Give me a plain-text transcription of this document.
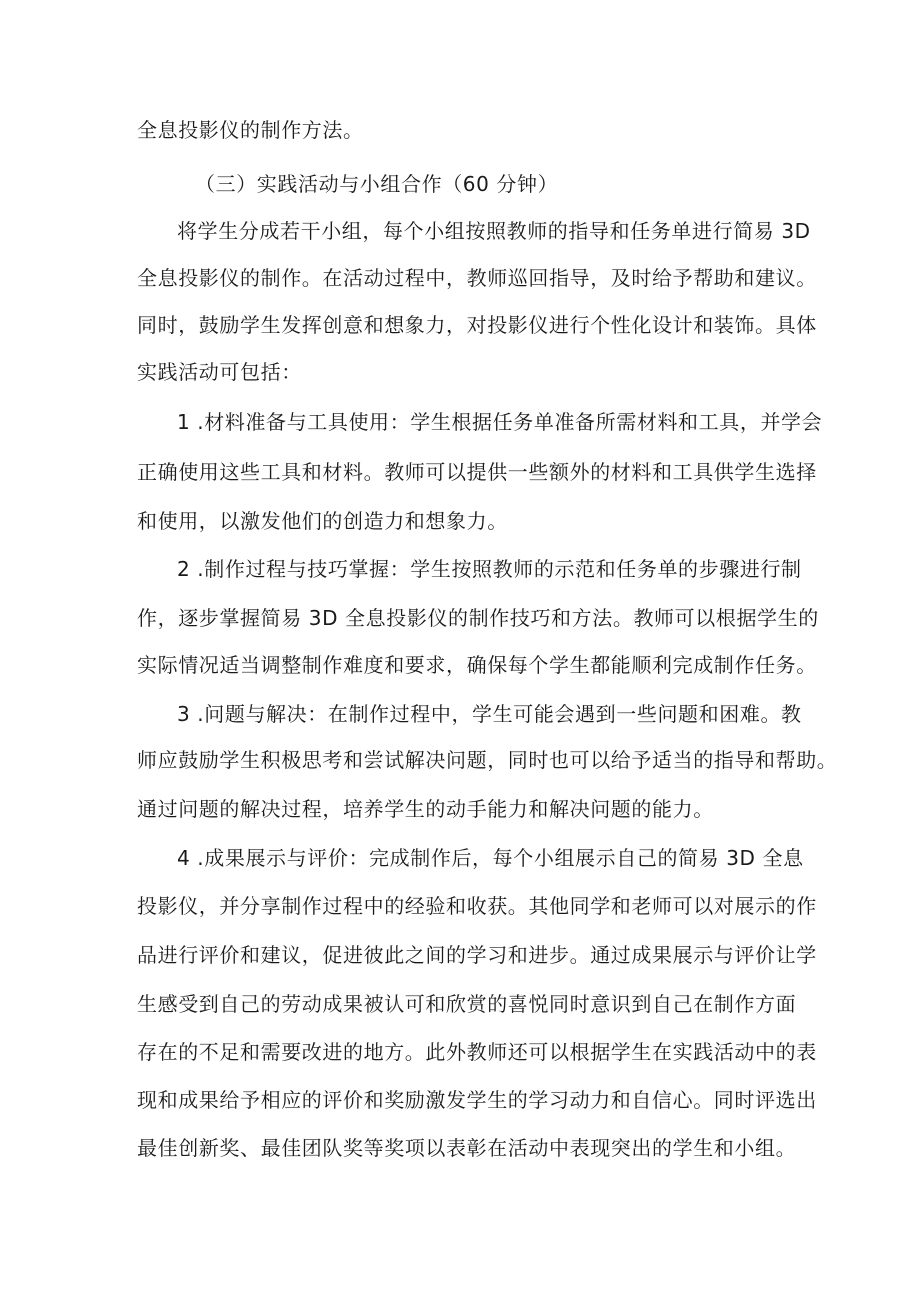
全息投影仪的制作方法。
（三）实践活动与小组合作（60 分钟）
将学生分成若干小组，每个小组按照教师的指导和任务单进行简易 3D
全息投影仪的制作。在活动过程中，教师巡回指导，及时给予帮助和建议。
同时，鼓励学生发挥创意和想象力，对投影仪进行个性化设计和装饰。具体
实践活动可包括：
1 .材料准备与工具使用：学生根据任务单准备所需材料和工具，并学会
正确使用这些工具和材料。教师可以提供一些额外的材料和工具供学生选择
和使用，以激发他们的创造力和想象力。
2 .制作过程与技巧掌握：学生按照教师的示范和任务单的步骤进行制
作，逐步掌握简易 3D 全息投影仪的制作技巧和方法。教师可以根据学生的
实际情况适当调整制作难度和要求，确保每个学生都能顺利完成制作任务。
3 .问题与解决：在制作过程中，学生可能会遇到一些问题和困难。教
师应鼓励学生积极思考和尝试解决问题，同时也可以给予适当的指导和帮助。
通过问题的解决过程，培养学生的动手能力和解决问题的能力。
4 .成果展示与评价：完成制作后，每个小组展示自己的简易 3D 全息
投影仪，并分享制作过程中的经验和收获。其他同学和老师可以对展示的作
品进行评价和建议，促进彼此之间的学习和进步。通过成果展示与评价让学
生感受到自己的劳动成果被认可和欣赏的喜悦同时意识到自己在制作方面
存在的不足和需要改进的地方。此外教师还可以根据学生在实践活动中的表
现和成果给予相应的评价和奖励激发学生的学习动力和自信心。同时评选出
最佳创新奖、最佳团队奖等奖项以表彰在活动中表现突出的学生和小组。
